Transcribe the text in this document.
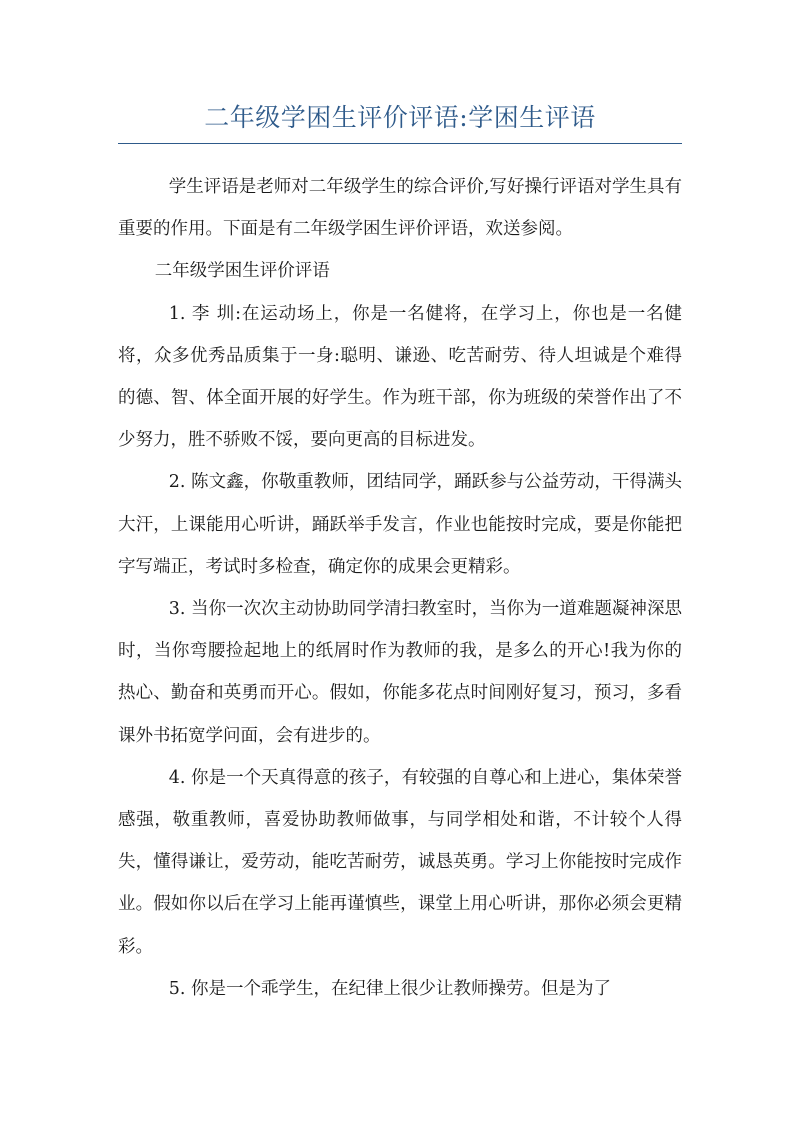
二年级学困生评价评语:学困生评语

学生评语是老师对二年级学生的综合评价,写好操行评语对学生具有重要的作用。下面是有二年级学困生评价评语，欢送参阅。

二年级学困生评价评语

1. 李 圳:在运动场上，你是一名健将，在学习上，你也是一名健将，众多优秀品质集于一身:聪明、谦逊、吃苦耐劳、待人坦诚是个难得的德、智、体全面开展的好学生。作为班干部，你为班级的荣誉作出了不少努力，胜不骄败不馁，要向更高的目标进发。

2. 陈文鑫，你敬重教师，团结同学，踊跃参与公益劳动，干得满头大汗，上课能用心听讲，踊跃举手发言，作业也能按时完成，要是你能把字写端正，考试时多检查，确定你的成果会更精彩。

3. 当你一次次主动协助同学清扫教室时，当你为一道难题凝神深思时，当你弯腰捡起地上的纸屑时作为教师的我，是多么的开心!我为你的热心、勤奋和英勇而开心。假如，你能多花点时间刚好复习，预习，多看课外书拓宽学问面，会有进步的。

4. 你是一个天真得意的孩子，有较强的自尊心和上进心，集体荣誉感强，敬重教师，喜爱协助教师做事，与同学相处和谐，不计较个人得失，懂得谦让，爱劳动，能吃苦耐劳，诚恳英勇。学习上你能按时完成作业。假如你以后在学习上能再谨慎些，课堂上用心听讲，那你必须会更精彩。

5. 你是一个乖学生，在纪律上很少让教师操劳。但是为了
